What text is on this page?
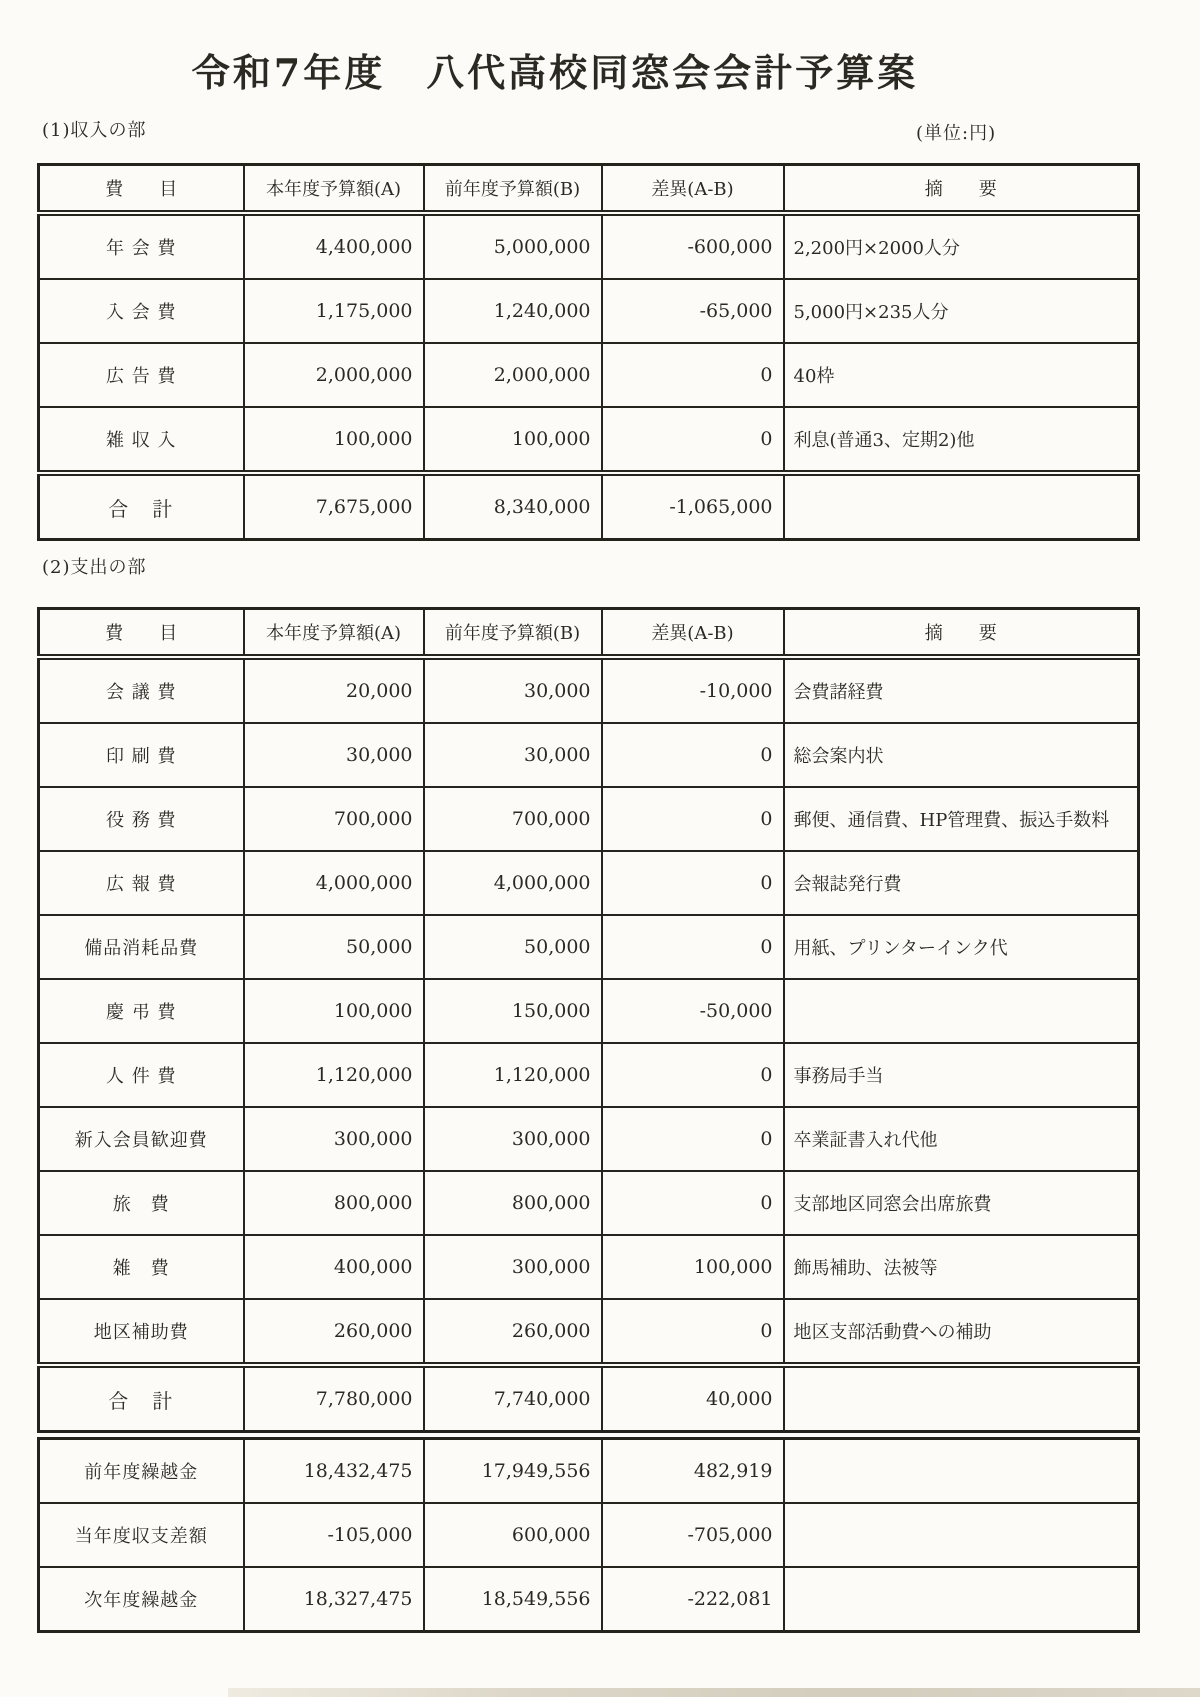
令和7年度　八代高校同窓会会計予算案
(1)収入の部	(単位:円)
費　　目	本年度予算額(A)	前年度予算額(B)	差異(A-B)	摘　　要
年 会 費	4,400,000	5,000,000	-600,000	2,200円×2000人分
入 会 費	1,175,000	1,240,000	-65,000	5,000円×235人分
広 告 費	2,000,000	2,000,000	0	40枠
雑 収 入	100,000	100,000	0	利息(普通3、定期2)他
合　計	7,675,000	8,340,000	-1,065,000	
(2)支出の部
費　　目	本年度予算額(A)	前年度予算額(B)	差異(A-B)	摘　　要
会 議 費	20,000	30,000	-10,000	会費諸経費
印 刷 費	30,000	30,000	0	総会案内状
役 務 費	700,000	700,000	0	郵便、通信費、HP管理費、振込手数料
広 報 費	4,000,000	4,000,000	0	会報誌発行費
備品消耗品費	50,000	50,000	0	用紙、プリンターインク代
慶 弔 費	100,000	150,000	-50,000	
人 件 費	1,120,000	1,120,000	0	事務局手当
新入会員歓迎費	300,000	300,000	0	卒業証書入れ代他
旅　費	800,000	800,000	0	支部地区同窓会出席旅費
雑　費	400,000	300,000	100,000	飾馬補助、法被等
地区補助費	260,000	260,000	0	地区支部活動費への補助
合　計	7,780,000	7,740,000	40,000	
前年度繰越金	18,432,475	17,949,556	482,919	
当年度収支差額	-105,000	600,000	-705,000	
次年度繰越金	18,327,475	18,549,556	-222,081	
